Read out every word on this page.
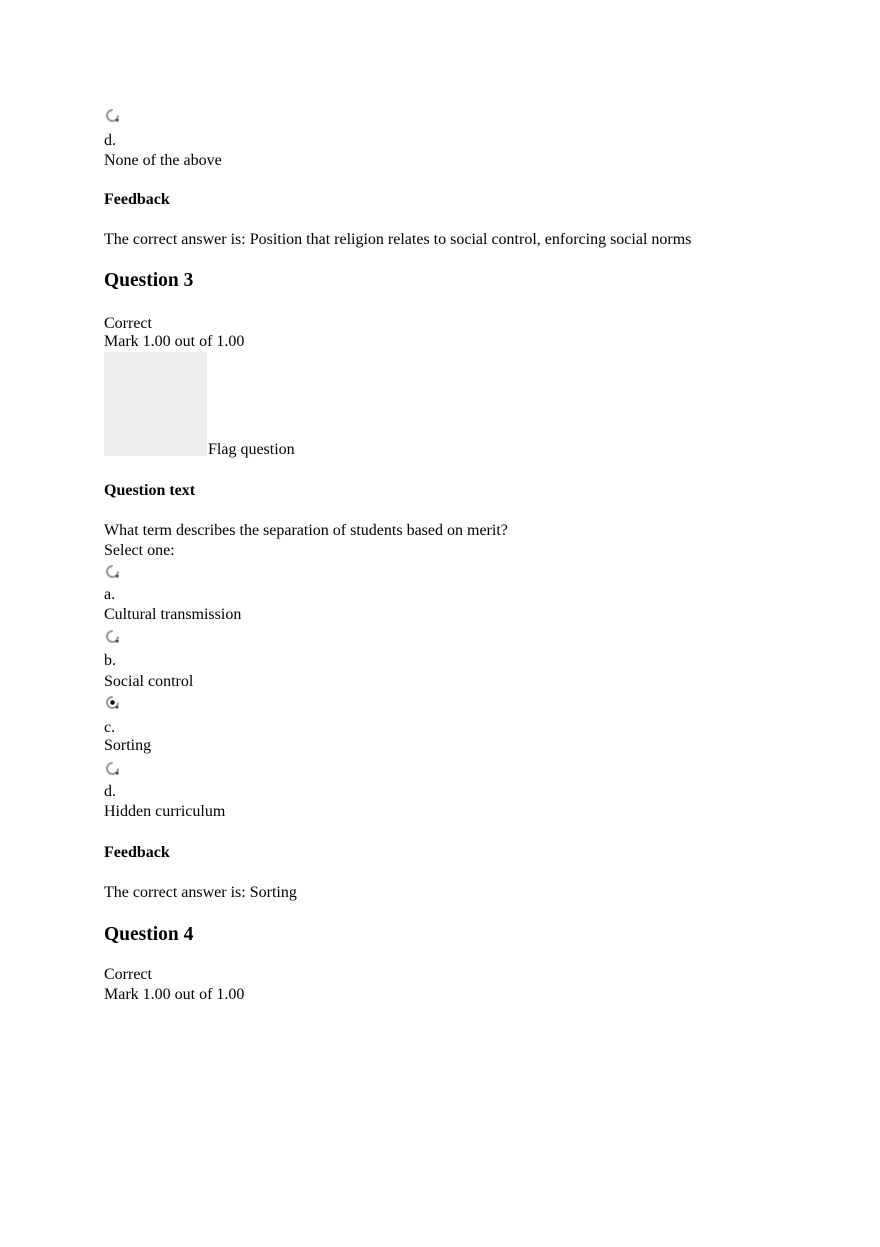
d.
None of the above
Feedback
The correct answer is: Position that religion relates to social control, enforcing social norms
Question 3
Correct
Mark 1.00 out of 1.00
Flag question
Question text
What term describes the separation of students based on merit?
Select one:
a.
Cultural transmission
b.
Social control
c.
Sorting
d.
Hidden curriculum
Feedback
The correct answer is: Sorting
Question 4
Correct
Mark 1.00 out of 1.00
